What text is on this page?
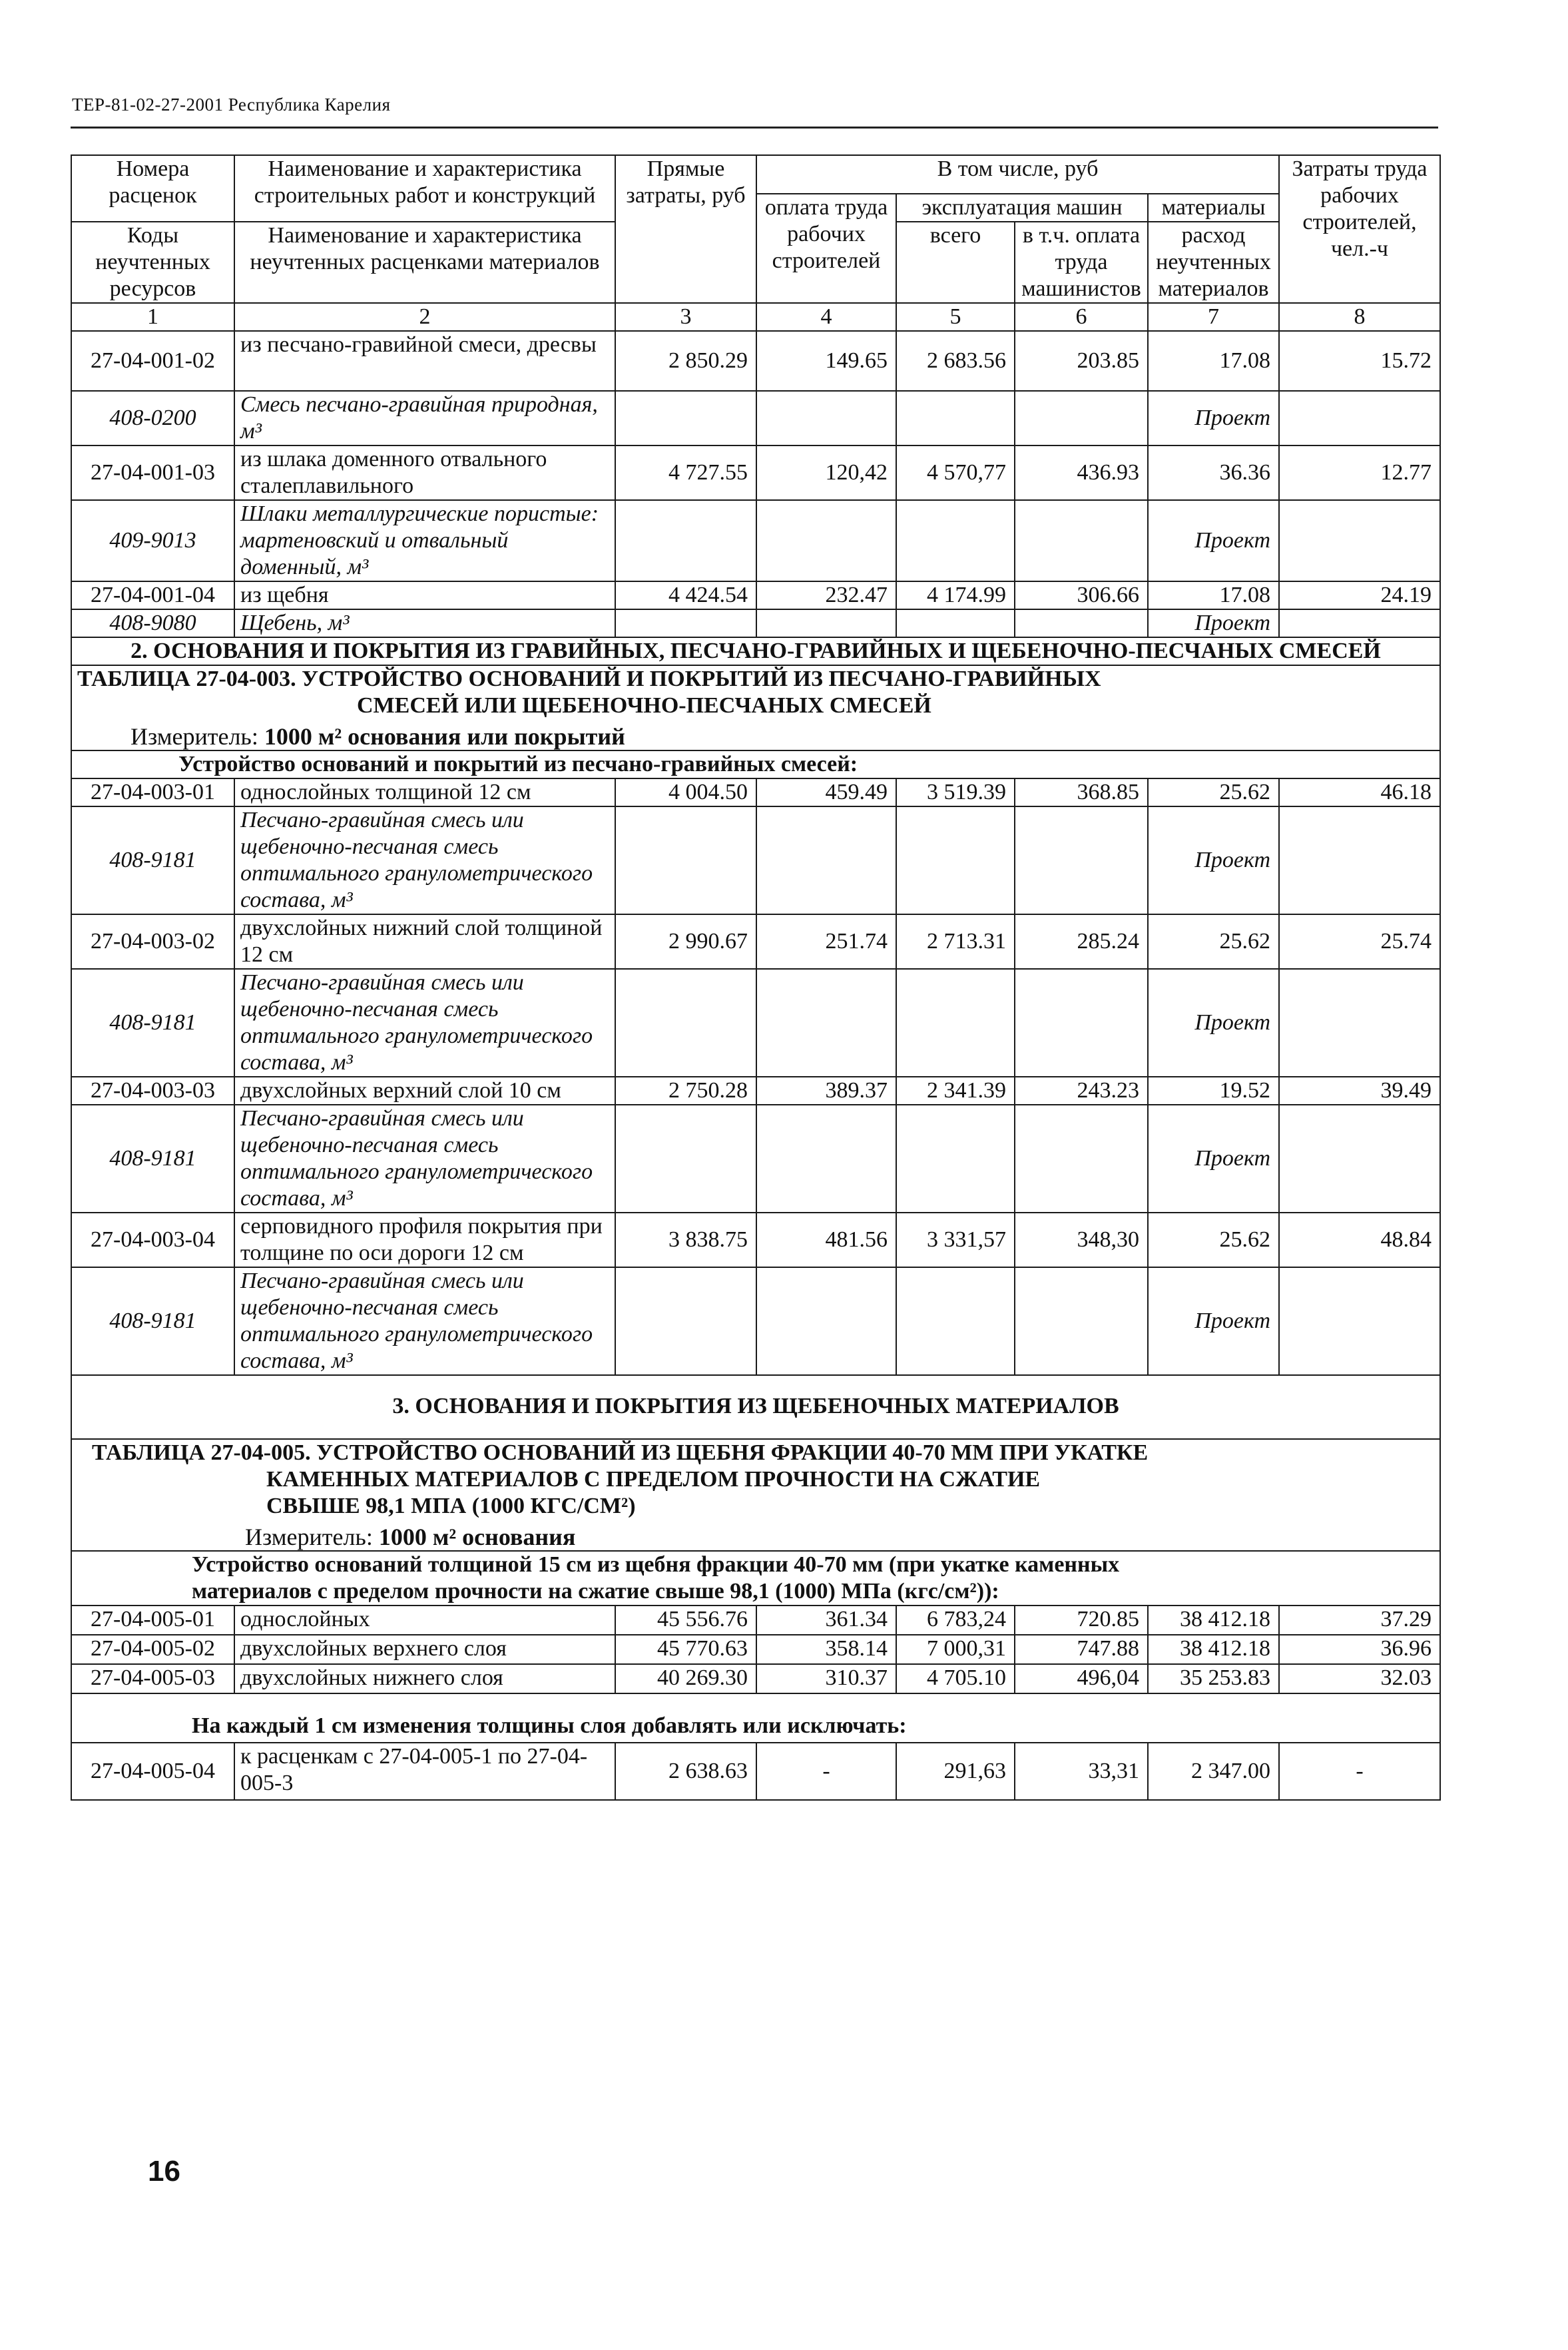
ТЕР-81-02-27-2001 Республика Карелия
Номера расценок	Наименование и характеристика строительных работ и конструкций	Прямые затраты, руб	В том числе, руб				Затраты труда рабочих строителей, чел.-ч
			оплата труда рабочих строителей	эксплуатация машин		материалы	
Коды неучтенных ресурсов	Наименование и характеристика неучтенных расценками материалов			всего	в т.ч. оплата труда машинистов	расход неучтенных материалов	

1	2	3	4	5	6	7	8
27-04-001-02	из песчано-гравийной смеси, дресвы	2 850.29	149.65	2 683.56	203.85	17.08	15.72
408-0200	Смесь песчано-гравийная природная, м³					Проект	
27-04-001-03	из шлака доменного отвального сталеплавильного	4 727.55	120,42	4 570,77	436.93	36.36	12.77
409-9013	Шлаки металлургические пористые: мартеновский и отвальный доменный, м³					Проект	
27-04-001-04	из щебня	4 424.54	232.47	4 174.99	306.66	17.08	24.19
408-9080	Щебень, м³					Проект	
2. ОСНОВАНИЯ И ПОКРЫТИЯ ИЗ ГРАВИЙНЫХ, ПЕСЧАНО-ГРАВИЙНЫХ И ЩЕБЕНОЧНО-ПЕСЧАНЫХ СМЕСЕЙ							

ТАБЛИЦА 27-04-003. УСТРОЙСТВО ОСНОВАНИЙ И ПОКРЫТИЙ ИЗ ПЕСЧАНО-ГРАВИЙНЫХ
СМЕСЕЙ ИЛИ ЩЕБЕНОЧНО-ПЕСЧАНЫХ СМЕСЕЙ
Измеритель: 1000 м² основания или покрытий							

Устройство оснований и покрытий из песчано-гравийных смесей:							
27-04-003-01	однослойных толщиной 12 см	4 004.50	459.49	3 519.39	368.85	25.62	46.18
408-9181	Песчано-гравийная смесь или щебеночно-песчаная смесь оптимального гранулометрического состава, м³					Проект	
27-04-003-02	двухслойных нижний слой толщиной 12 см	2 990.67	251.74	2 713.31	285.24	25.62	25.74
408-9181	Песчано-гравийная смесь или щебеночно-песчаная смесь оптимального гранулометрического состава, м³					Проект	
27-04-003-03	двухслойных верхний слой 10 см	2 750.28	389.37	2 341.39	243.23	19.52	39.49
408-9181	Песчано-гравийная смесь или щебеночно-песчаная смесь оптимального гранулометрического состава, м³					Проект	
27-04-003-04	серповидного профиля покрытия при толщине по оси дороги 12 см	3 838.75	481.56	3 331,57	348,30	25.62	48.84
408-9181	Песчано-гравийная смесь или щебеночно-песчаная смесь оптимального гранулометрического состава, м³					Проект	
3. ОСНОВАНИЯ И ПОКРЫТИЯ ИЗ ЩЕБЕНОЧНЫХ МАТЕРИАЛОВ							

ТАБЛИЦА 27-04-005. УСТРОЙСТВО ОСНОВАНИЙ ИЗ ЩЕБНЯ ФРАКЦИИ 40-70 ММ ПРИ УКАТКЕ
КАМЕННЫХ МАТЕРИАЛОВ С ПРЕДЕЛОМ ПРОЧНОСТИ НА СЖАТИЕ
СВЫШЕ 98,1 МПА (1000 КГС/СМ²)
Измеритель: 1000 м² основания							

Устройство оснований толщиной 15 см из щебня фракции 40-70 мм (при укатке каменных
материалов с пределом прочности на сжатие свыше 98,1 (1000) МПа (кгс/см²)):							

27-04-005-01	однослойных	45 556.76	361.34	6 783,24	720.85	38 412.18	37.29
27-04-005-02	двухслойных верхнего слоя	45 770.63	358.14	7 000,31	747.88	38 412.18	36.96
27-04-005-03	двухслойных нижнего слоя	40 269.30	310.37	4 705.10	496,04	35 253.83	32.03
На каждый 1 см изменения толщины слоя добавлять или исключать:							
27-04-005-04	к расценкам с 27-04-005-1 по 27-04-005-3	2 638.63	-	291,63	33,31	2 347.00	-
16
